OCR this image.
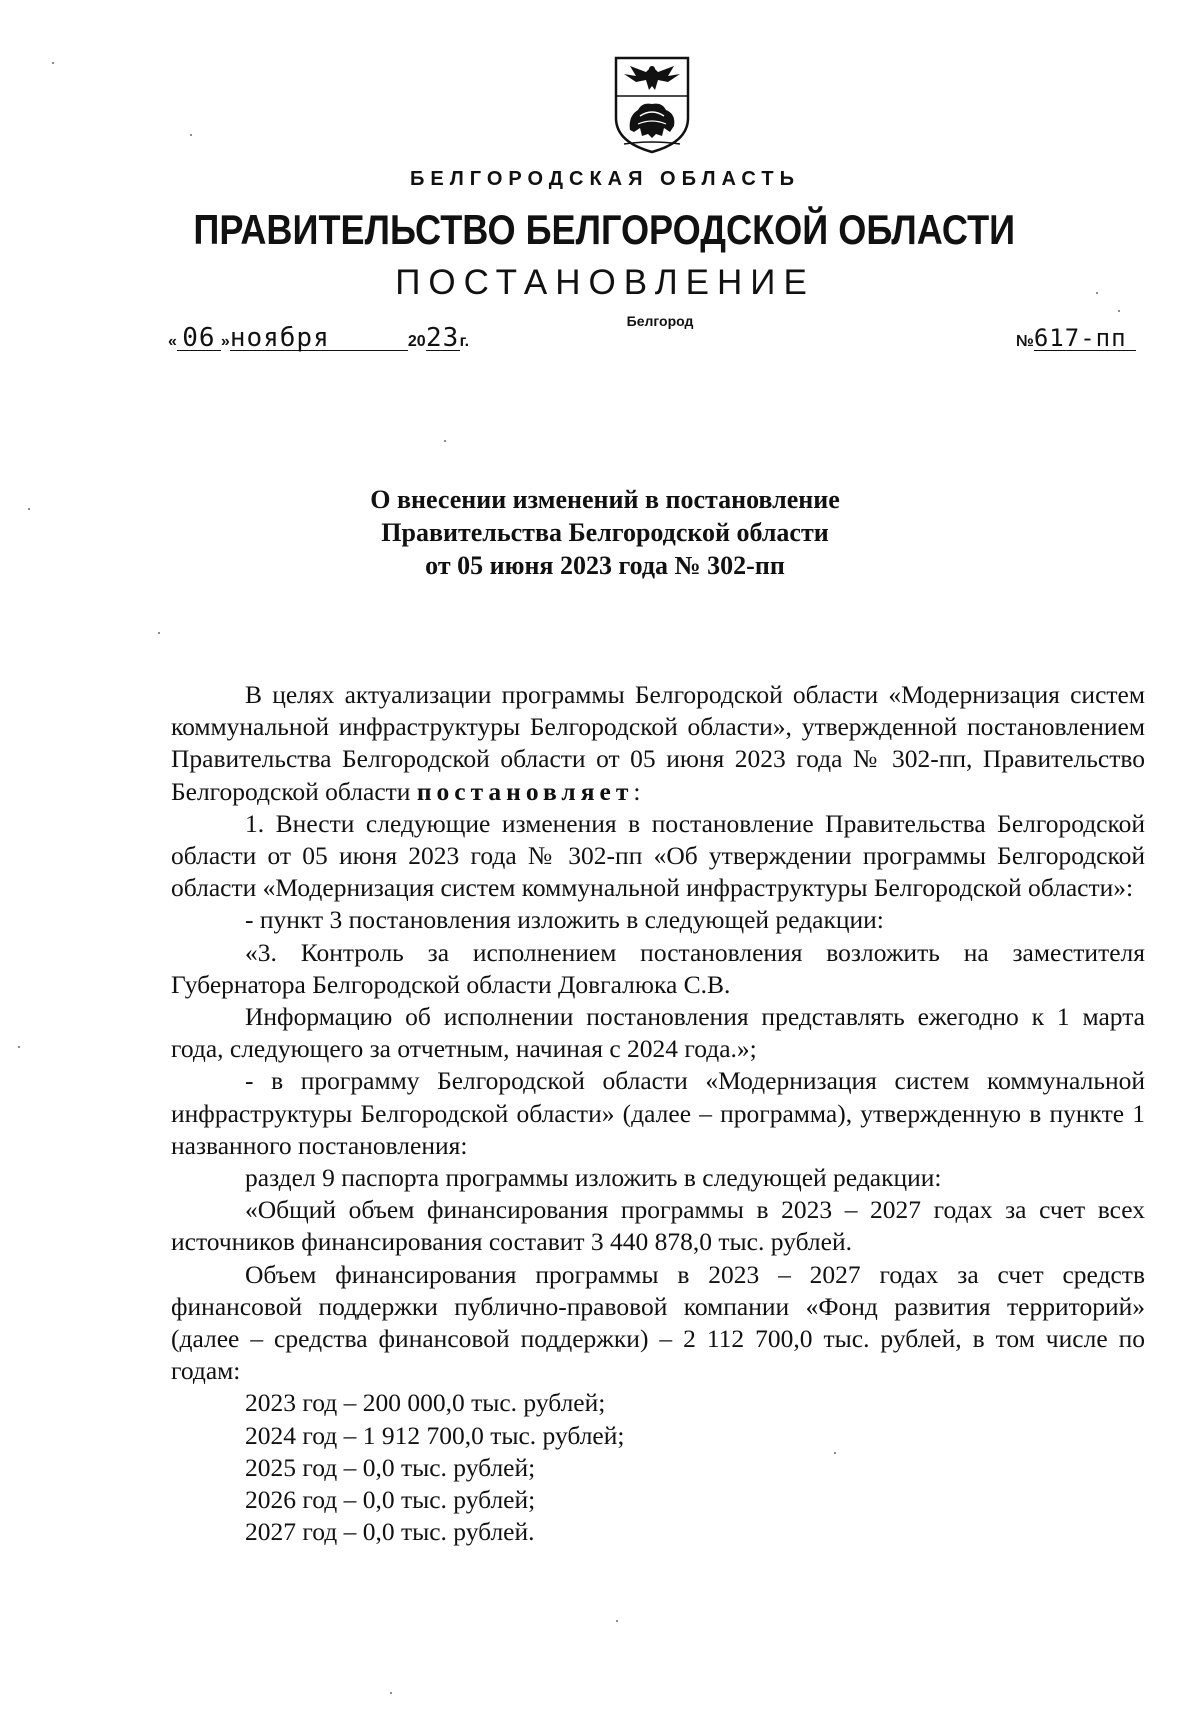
БЕЛГОРОДСКАЯ ОБЛАСТЬ
ПРАВИТЕЛЬСТВО БЕЛГОРОДСКОЙ ОБЛАСТИ
ПОСТАНОВЛЕНИЕ
Белгород
« 06 »ноября	2023г.	№617-пп
О внесении изменений в постановление
Правительства Белгородской области
от 05 июня 2023 года № 302-пп

В целях актуализации программы Белгородской области «Модернизация систем коммунальной инфраструктуры Белгородской области», утвержденной постановлением Правительства Белгородской области от 05 июня 2023 года № 302-пп, Правительство Белгородской области постановляет:

1. Внести следующие изменения в постановление Правительства Белгородской области от 05 июня 2023 года № 302-пп «Об утверждении программы Белгородской области «Модернизация систем коммунальной инфраструктуры Белгородской области»:

- пункт 3 постановления изложить в следующей редакции:

«3. Контроль за исполнением постановления возложить на заместителя Губернатора Белгородской области Довгалюка С.В.

Информацию об исполнении постановления представлять ежегодно к 1 марта года, следующего за отчетным, начиная с 2024 года.»;

- в программу Белгородской области «Модернизация систем коммунальной инфраструктуры Белгородской области» (далее – программа), утвержденную в пункте 1 названного постановления:

раздел 9 паспорта программы изложить в следующей редакции:

«Общий объем финансирования программы в 2023 – 2027 годах за счет всех источников финансирования составит 3 440 878,0 тыс. рублей.

Объем финансирования программы в 2023 – 2027 годах за счет средств финансовой поддержки публично-правовой компании «Фонд развития территорий» (далее – средства финансовой поддержки) – 2 112 700,0 тыс. рублей, в том числе по годам:

2023 год – 200 000,0 тыс. рублей;

2024 год – 1 912 700,0 тыс. рублей;

2025 год – 0,0 тыс. рублей;

2026 год – 0,0 тыс. рублей;

2027 год – 0,0 тыс. рублей.
